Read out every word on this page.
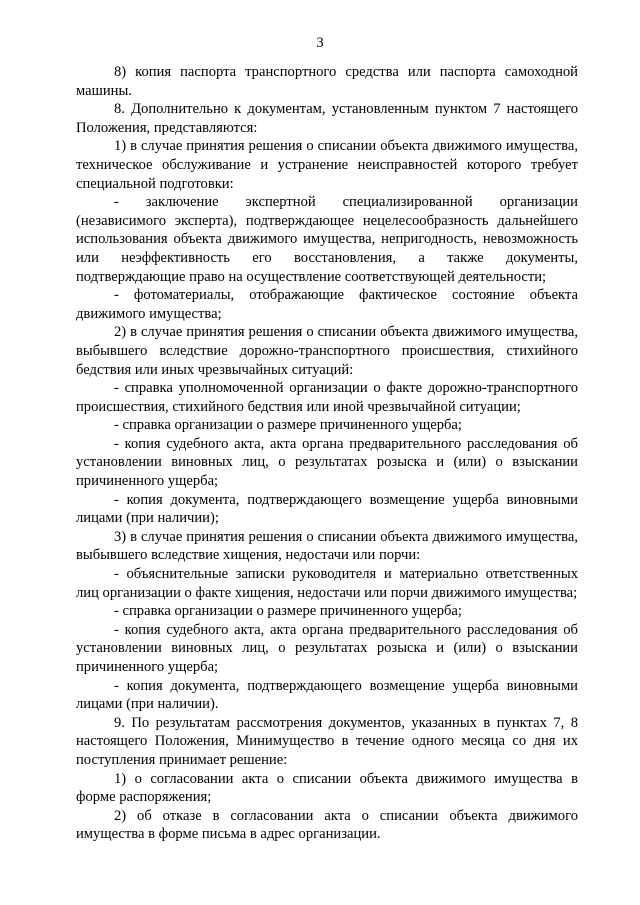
3

8) копия паспорта транспортного средства или паспорта самоходной машины.

8. Дополнительно к документам, установленным пунктом 7 настоящего Положения, представляются:

1) в случае принятия решения о списании объекта движимого имущества, техническое обслуживание и устранение неисправностей которого требует специальной подготовки:

- заключение экспертной специализированной организации (независимого эксперта), подтверждающее нецелесообразность дальнейшего использования объекта движимого имущества, непригодность, невозможность или неэффективность его восстановления, а также документы, подтверждающие право на осуществление соответствующей деятельности;

- фотоматериалы, отображающие фактическое состояние объекта движимого имущества;

2) в случае принятия решения о списании объекта движимого имущества, выбывшего вследствие дорожно-транспортного происшествия, стихийного бедствия или иных чрезвычайных ситуаций:

- справка уполномоченной организации о факте дорожно-транспортного происшествия, стихийного бедствия или иной чрезвычайной ситуации;

- справка организации о размере причиненного ущерба;

- копия судебного акта, акта органа предварительного расследования об установлении виновных лиц, о результатах розыска и (или) о взыскании причиненного ущерба;

- копия документа, подтверждающего возмещение ущерба виновными лицами (при наличии);

3) в случае принятия решения о списании объекта движимого имущества, выбывшего вследствие хищения, недостачи или порчи:

- объяснительные записки руководителя и материально ответственных лиц организации о факте хищения, недостачи или порчи движимого имущества;

- справка организации о размере причиненного ущерба;

- копия судебного акта, акта органа предварительного расследования об установлении виновных лиц, о результатах розыска и (или) о взыскании причиненного ущерба;

- копия документа, подтверждающего возмещение ущерба виновными лицами (при наличии).

9. По результатам рассмотрения документов, указанных в пунктах 7, 8 настоящего Положения, Минимущество в течение одного месяца со дня их поступления принимает решение:

1) о согласовании акта о списании объекта движимого имущества в форме распоряжения;

2) об отказе в согласовании акта о списании объекта движимого имущества в форме письма в адрес организации.
